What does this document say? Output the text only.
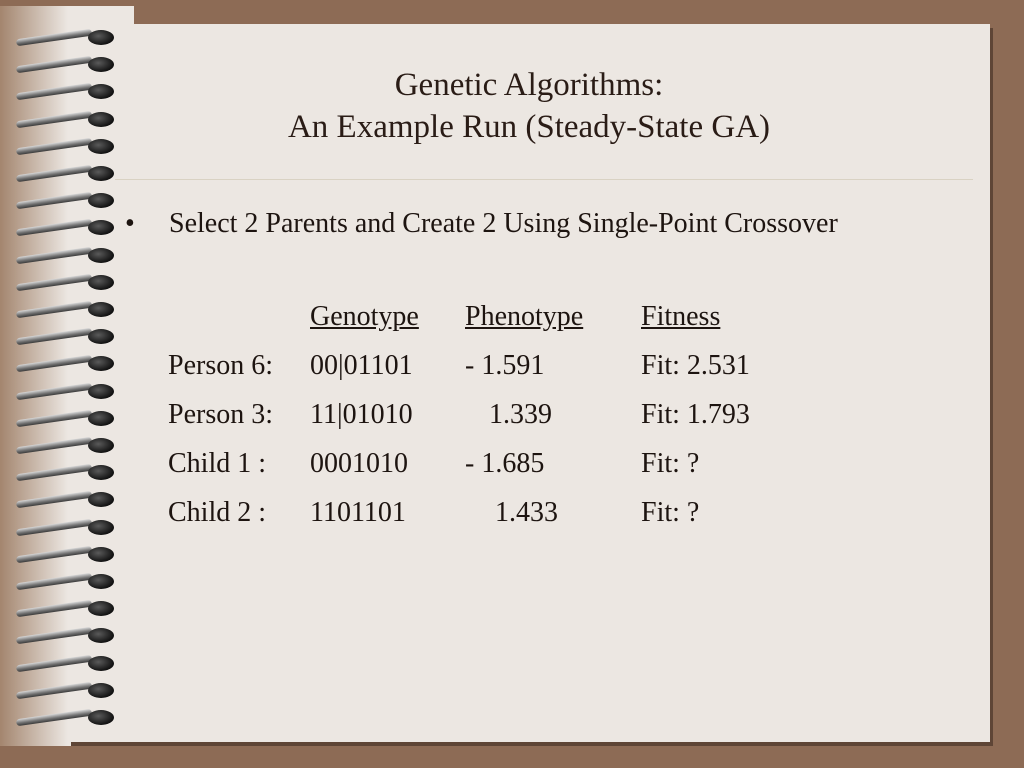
Genetic Algorithms:
An Example Run (Steady-State GA)
•	Select 2 Parents and Create 2 Using Single-Point Crossover
	Genotype	Phenotype	Fitness
Person 6:	00|01101	- 1.591	Fit: 2.531
Person 3:	11|01010	1.339	Fit: 1.793
Child 1 :	0001010	- 1.685	Fit: ?
Child 2 :	1101101	1.433	Fit: ?
